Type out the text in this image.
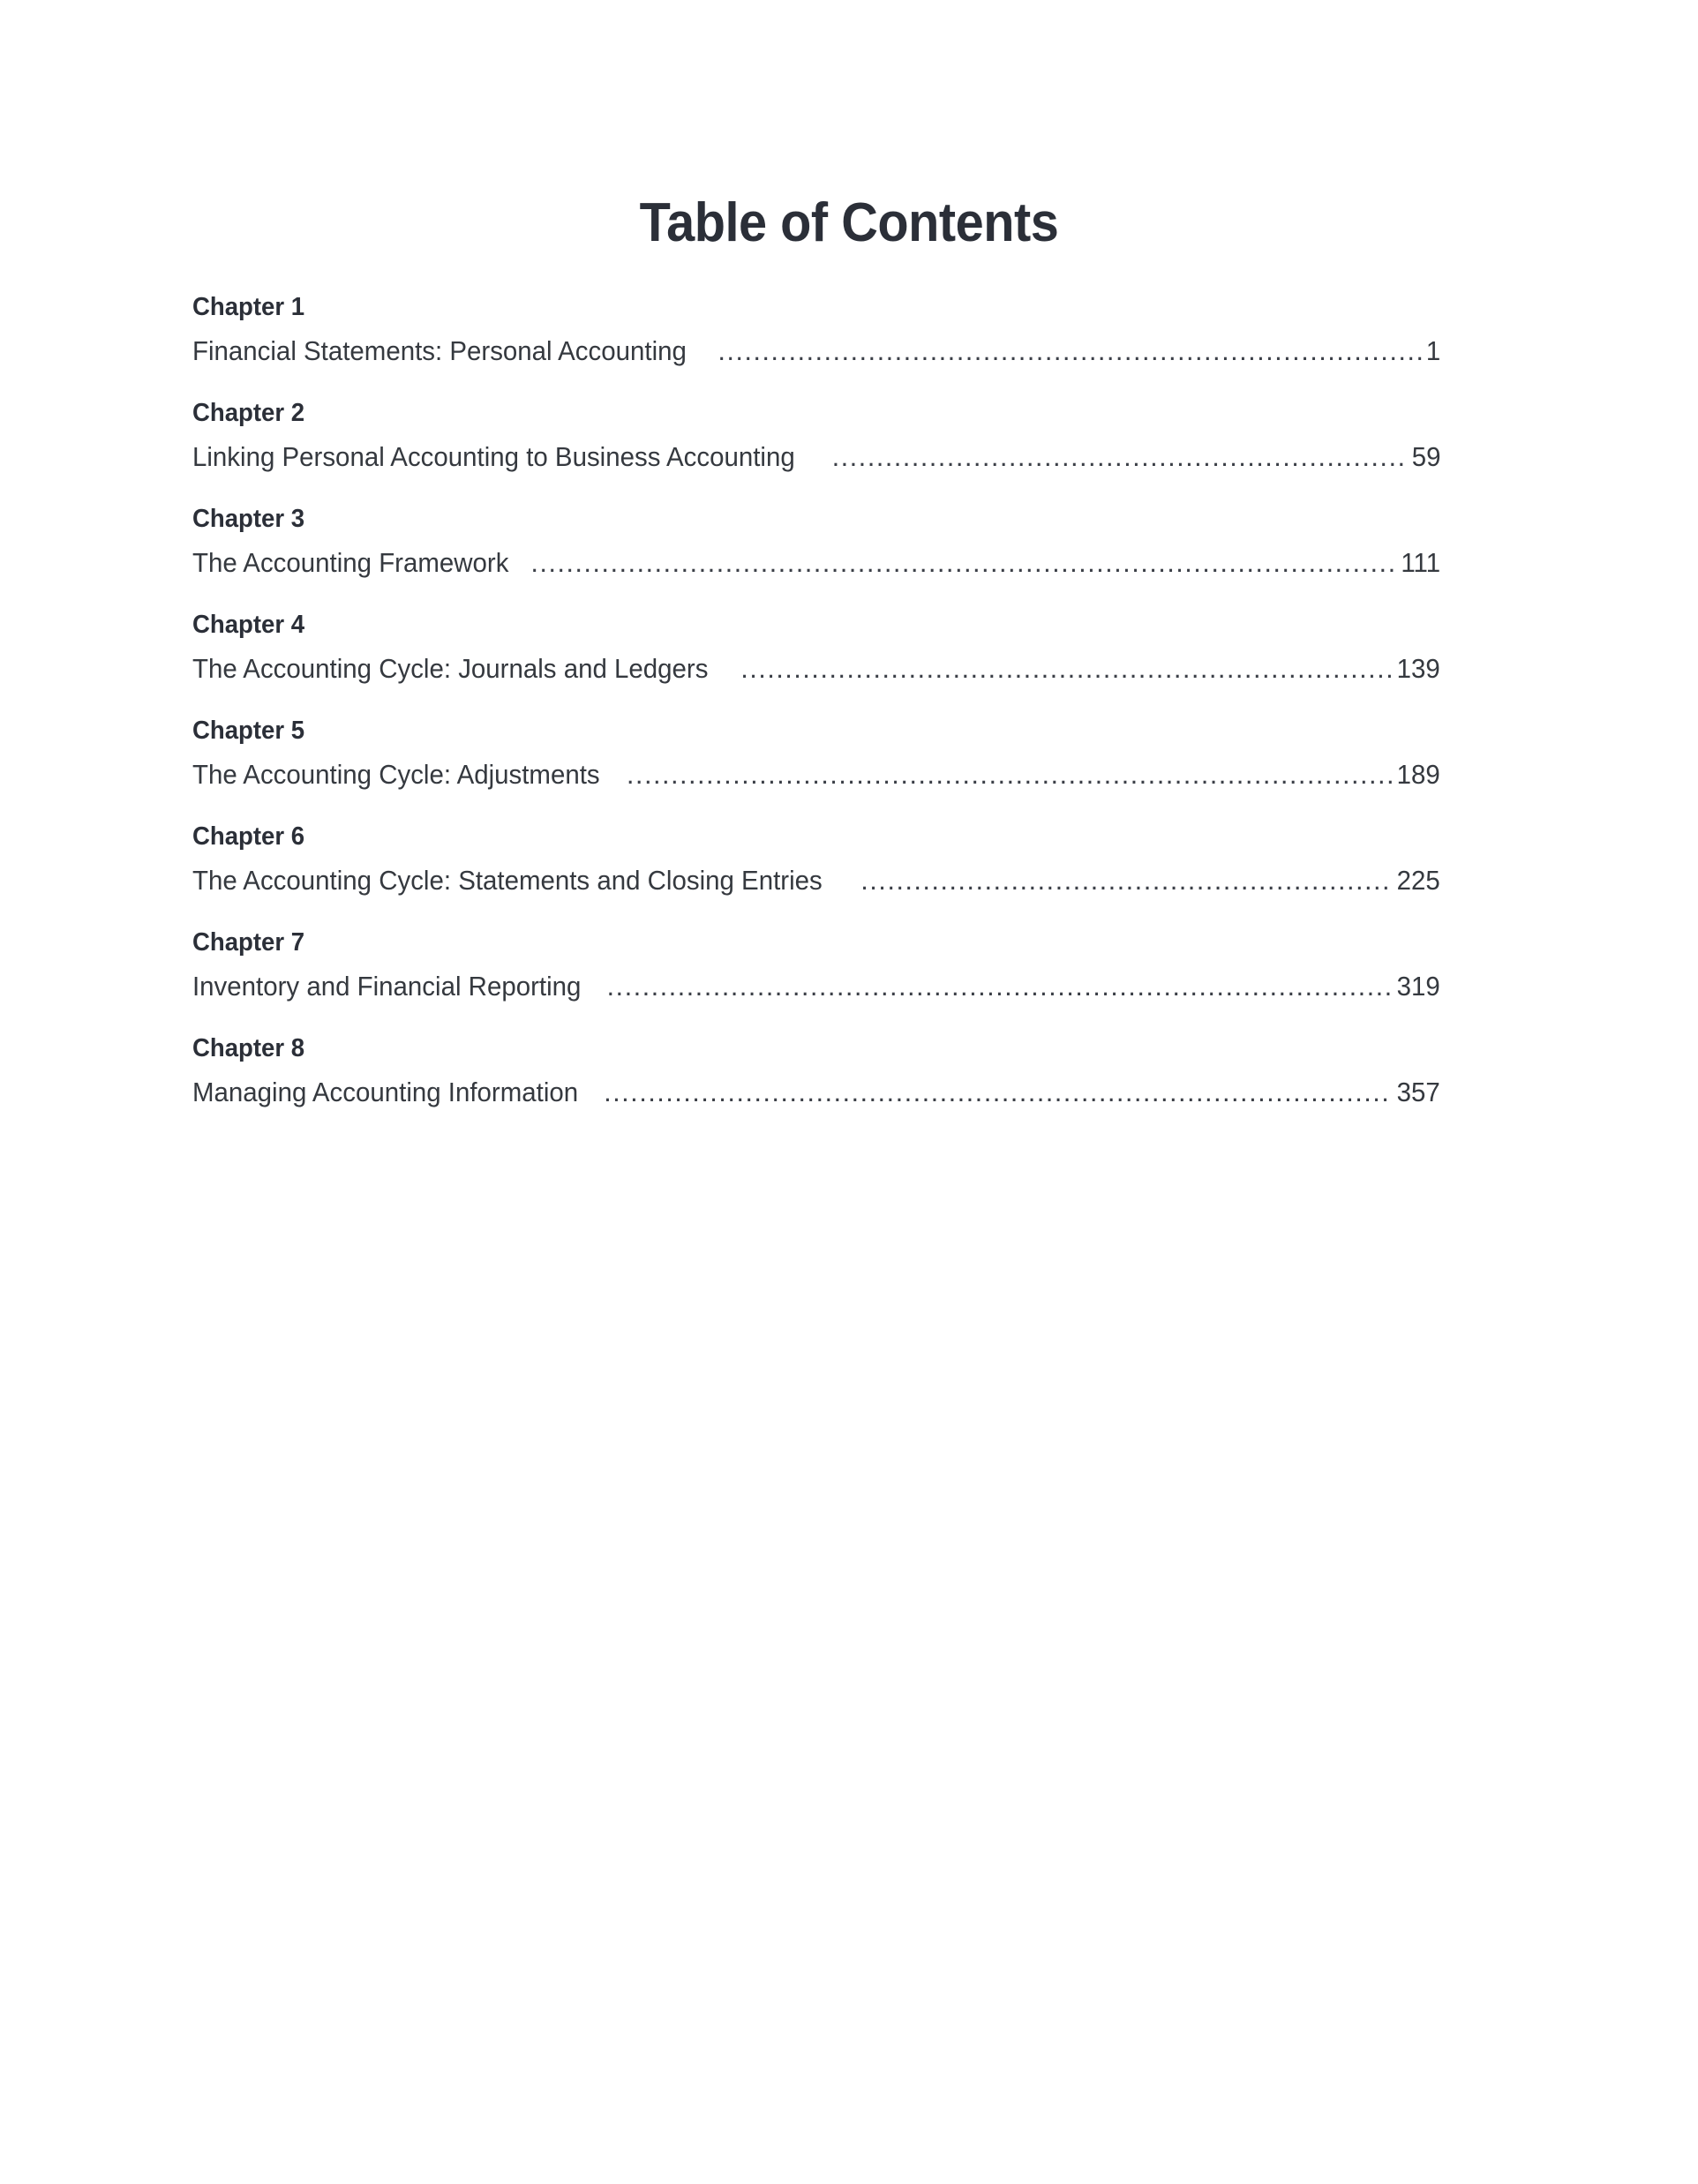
Table of Contents
Chapter 1
Financial Statements: Personal Accounting .....	1
Chapter 2
Linking Personal Accounting to Business Accounting .....	59
Chapter 3
The Accounting Framework .....	111
Chapter 4
The Accounting Cycle: Journals and Ledgers .....	139
Chapter 5
The Accounting Cycle: Adjustments .....	189
Chapter 6
The Accounting Cycle: Statements and Closing Entries .....	225
Chapter 7
Inventory and Financial Reporting .....	319
Chapter 8
Managing Accounting Information .....	357
